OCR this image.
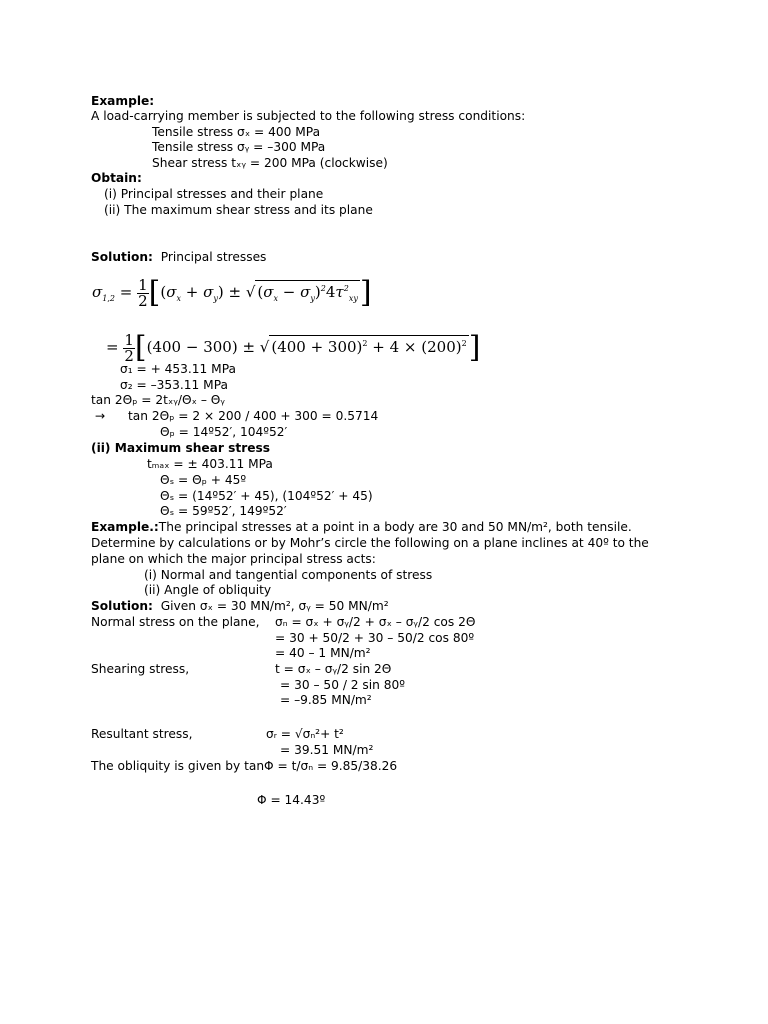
Example:
A load-carrying member is subjected to the following stress conditions:
Tensile stress σₓ = 400 MPa
Tensile stress σᵧ = –300 MPa
Shear stress tₓᵧ = 200 MPa (clockwise)
Obtain:
(i) Principal stresses and their plane
(ii) The maximum shear stress and its plane
Solution: Principal stresses
$\sigma_{1,2} = \frac{1}{2} [(\sigma_x + \sigma_y)$ ± √ $(\sigma_x - \sigma_y)^24\tau^2_{xy}$]
= $\frac{1}{2} [(400 - 300)$ ± √ $(400 + 300)^2 + 4 \times (200)^2$]
σ₁ = + 453.11 MPa
σ₂ = –353.11 MPa
tan 2Θₚ = 2tₓᵧ/Θₓ – Θᵧ
→ tan 2Θₚ = 2 × 200 / 400 + 300 = 0.5714
Θₚ = 14º52′, 104º52′
(ii) Maximum shear stress
tₘₐₓ = ± 403.11 MPa
Θₛ = Θₚ + 45º
Θₛ = (14º52′ + 45), (104º52′ + 45)
Θₛ = 59º52′, 149º52′
Example.:The principal stresses at a point in a body are 30 and 50 MN/m², both tensile.
Determine by calculations or by Mohr’s circle the following on a plane inclines at 40º to the
plane on which the major principal stress acts:
(i) Normal and tangential components of stress
(ii) Angle of obliquity
Solution: Given σₓ = 30 MN/m², σᵧ = 50 MN/m²
Normal stress on the plane, σₙ = σₓ + σᵧ/2 + σₓ – σᵧ/2 cos 2Θ
= 30 + 50/2 + 30 – 50/2 cos 80º
= 40 – 1 MN/m²
Shearing stress,	t = σₓ – σᵧ/2 sin 2Θ
= 30 – 50 / 2 sin 80º
= –9.85 MN/m²
Resultant stress,	σᵣ = √σₙ²+ t²
= 39.51 MN/m²
The obliquity is given by tanΦ = t/σₙ = 9.85/38.26
Φ = 14.43º
